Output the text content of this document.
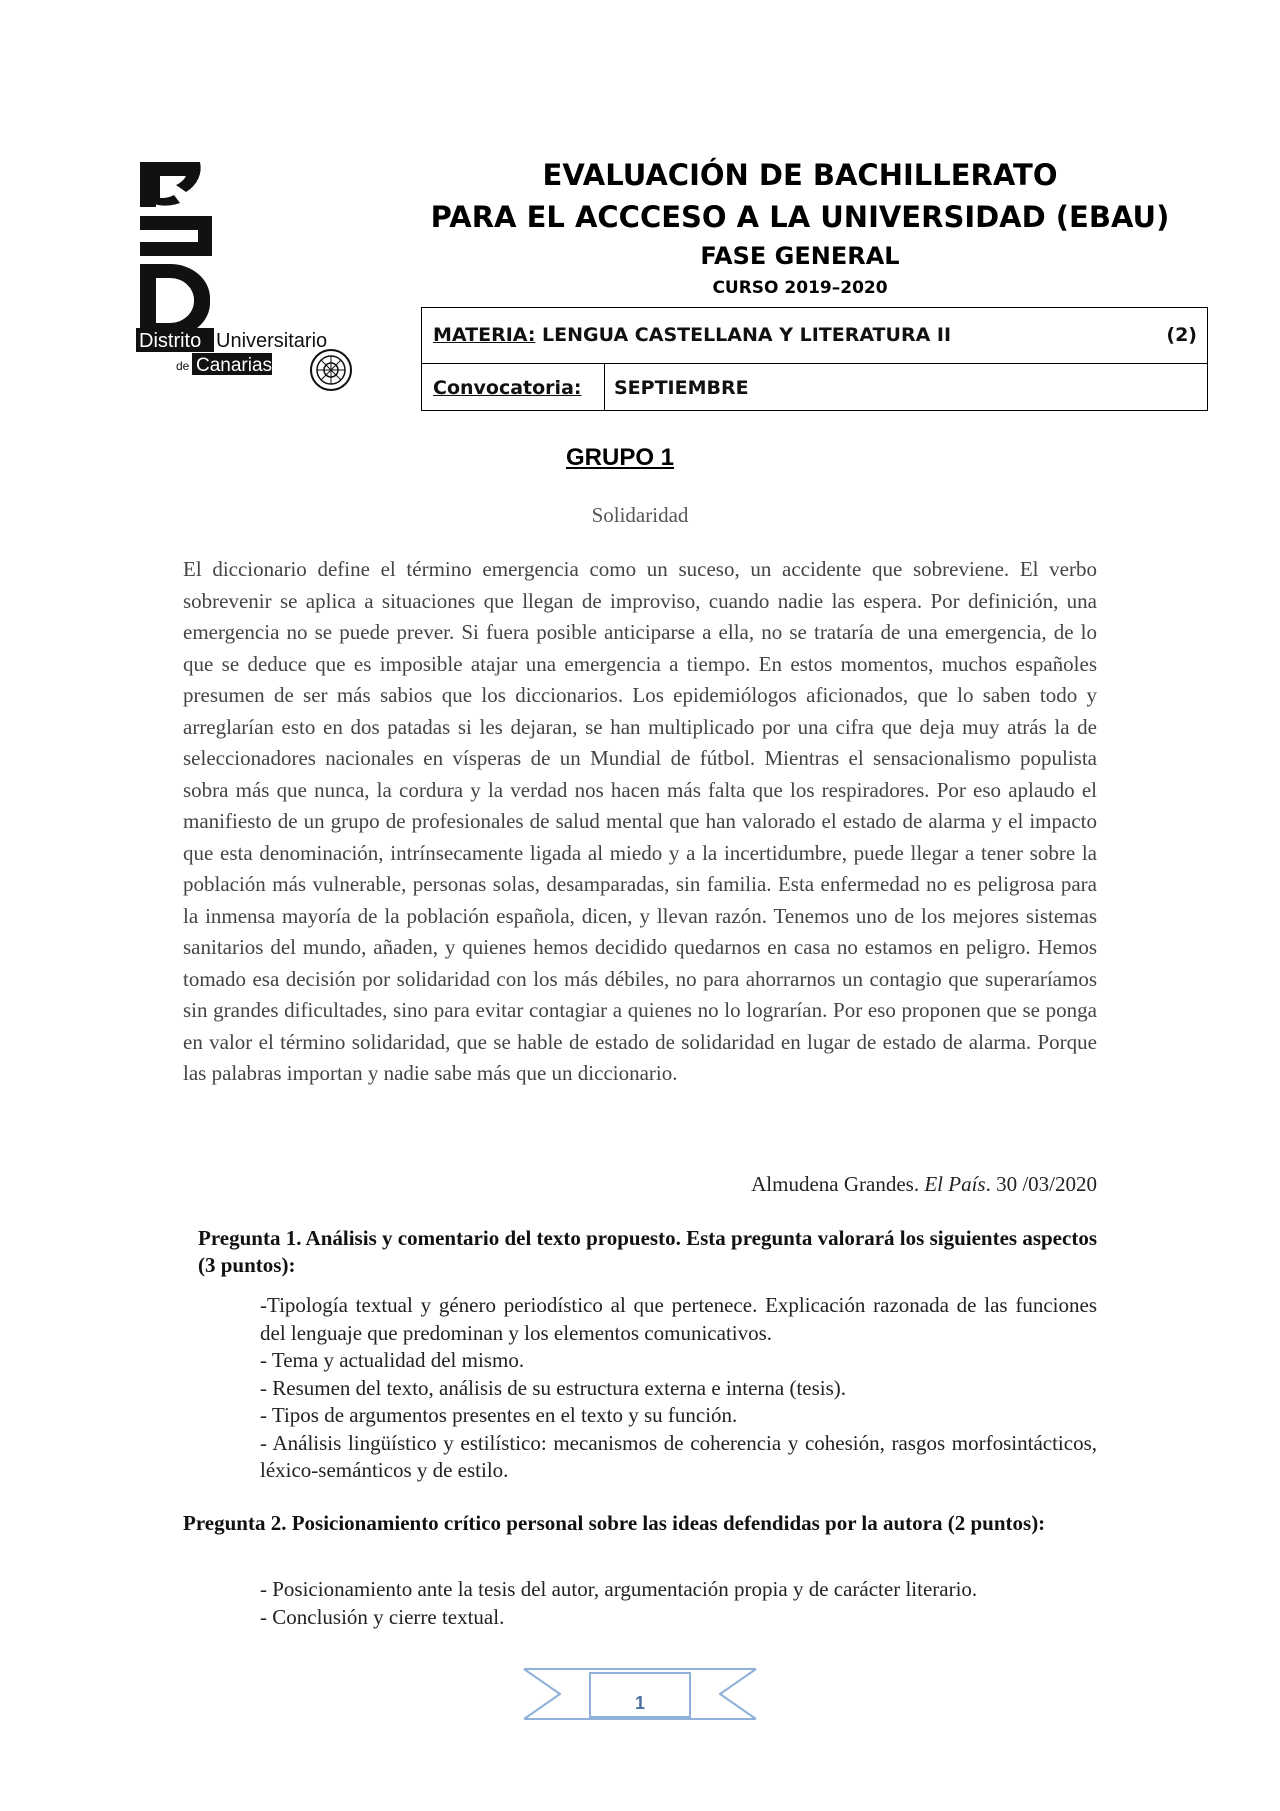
Distrito Universitario
de Canarias
EVALUACIÓN DE BACHILLERATO
PARA EL ACCCESO A LA UNIVERSIDAD (EBAU)
FASE GENERAL
CURSO 2019–2020
MATERIA: LENGUA CASTELLANA Y LITERATURA II	(2)
Convocatoria: SEPTIEMBRE
GRUPO 1
Solidaridad
El diccionario define el término emergencia como un suceso, un accidente que sobreviene. El verbo sobrevenir se aplica a situaciones que llegan de improviso, cuando nadie las espera. Por definición, una emergencia no se puede prever. Si fuera posible anticiparse a ella, no se trataría de una emergencia, de lo que se deduce que es imposible atajar una emergencia a tiempo. En estos momentos, muchos españoles presumen de ser más sabios que los diccionarios. Los epidemiólogos aficionados, que lo saben todo y arreglarían esto en dos patadas si les dejaran, se han multiplicado por una cifra que deja muy atrás la de seleccionadores nacionales en vísperas de un Mundial de fútbol. Mientras el sensacionalismo populista sobra más que nunca, la cordura y la verdad nos hacen más falta que los respiradores. Por eso aplaudo el manifiesto de un grupo de profesionales de salud mental que han valorado el estado de alarma y el impacto que esta denominación, intrínsecamente ligada al miedo y a la incertidumbre, puede llegar a tener sobre la población más vulnerable, personas solas, desamparadas, sin familia. Esta enfermedad no es peligrosa para la inmensa mayoría de la población española, dicen, y llevan razón. Tenemos uno de los mejores sistemas sanitarios del mundo, añaden, y quienes hemos decidido quedarnos en casa no estamos en peligro. Hemos tomado esa decisión por solidaridad con los más débiles, no para ahorrarnos un contagio que superaríamos sin grandes dificultades, sino para evitar contagiar a quienes no lo lograrían. Por eso proponen que se ponga en valor el término solidaridad, que se hable de estado de solidaridad en lugar de estado de alarma. Porque las palabras importan y nadie sabe más que un diccionario.
Almudena Grandes. El País. 30 /03/2020
Pregunta 1. Análisis y comentario del texto propuesto. Esta pregunta valorará los siguientes aspectos (3 puntos):
-Tipología textual y género periodístico al que pertenece. Explicación razonada de las funciones del lenguaje que predominan y los elementos comunicativos.
- Tema y actualidad del mismo.
- Resumen del texto, análisis de su estructura externa e interna (tesis).
- Tipos de argumentos presentes en el texto y su función.
- Análisis lingüístico y estilístico: mecanismos de coherencia y cohesión, rasgos morfosintácticos, léxico-semánticos y de estilo.
Pregunta 2. Posicionamiento crítico personal sobre las ideas defendidas por la autora (2 puntos):
- Posicionamiento ante la tesis del autor, argumentación propia y de carácter literario.
- Conclusión y cierre textual.
1
